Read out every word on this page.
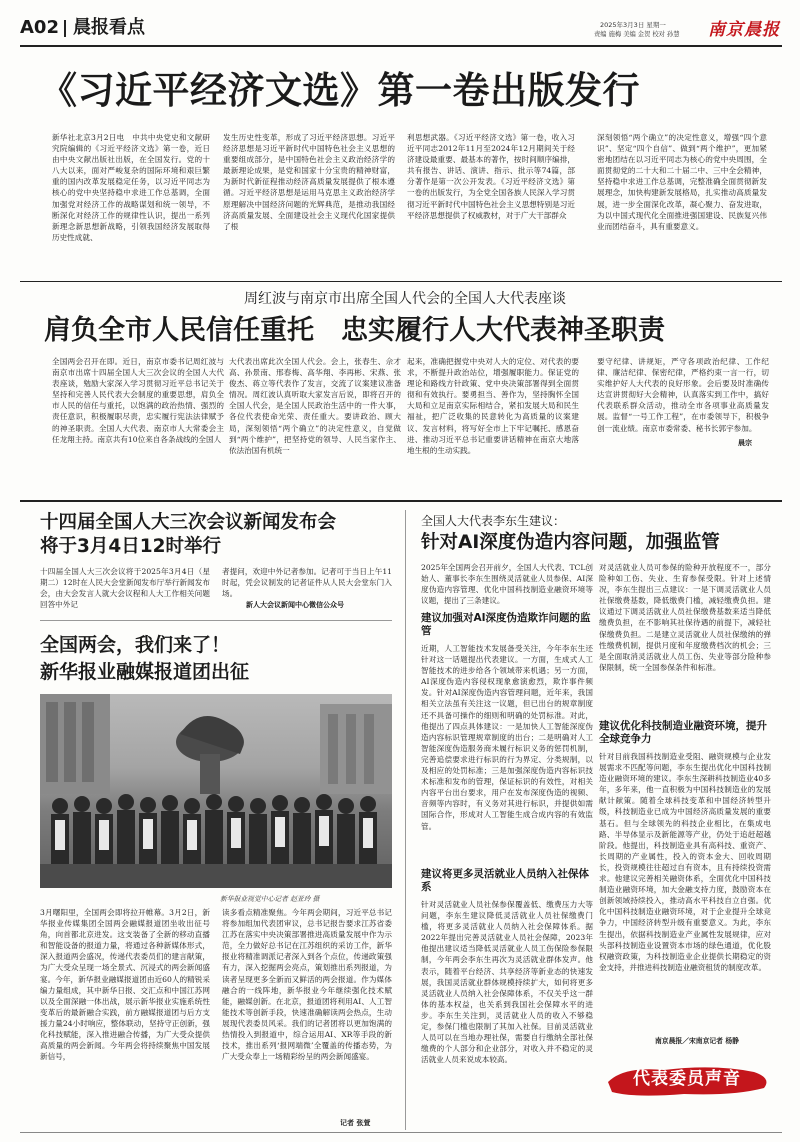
A02 晨报看点	2025年3月3日 星期一
责编 施梅 美编 金贺 校对 孙慧 南京晨报
《习近平经济文选》第一卷出版发行
新华社北京3月2日电　中共中央党史和文献研究院编辑的《习近平经济文选》第一卷，近日由中央文献出版社出版，在全国发行。党的十八大以来，面对严峻复杂的国际环境和艰巨繁重的国内改革发展稳定任务，以习近平同志为核心的党中央坚持稳中求进工作总基调，全面加强党对经济工作的战略谋划和统一领导，不断深化对经济工作的规律性认识，提出一系列新理念新思想新战略，引领我国经济发展取得历史性成就、
发生历史性变革，形成了习近平经济思想。习近平经济思想是习近平新时代中国特色社会主义思想的重要组成部分，是中国特色社会主义政治经济学的最新理论成果，是党和国家十分宝贵的精神财富，为新时代新征程推动经济高质量发展提供了根本遵循。习近平经济思想是运用马克思主义政治经济学原理解决中国经济问题的光辉典范，是推动我国经济高质量发展、全面建设社会主义现代化国家提供了根
利思想武器。《习近平经济文选》第一卷，收入习近平同志2012年11月至2024年12月期间关于经济建设最重要、最基本的著作，按时间顺序编排，共有报告、讲话、演讲、指示、批示等74篇，部分著作是第一次公开发表。《习近平经济文选》第一卷的出版发行，为全党全国各族人民深入学习贯彻习近平新时代中国特色社会主义思想特别是习近平经济思想提供了权威教材，对于广大干部群众
深刻领悟“两个确立”的决定性意义，增强“四个意识”、坚定“四个自信”、做到“两个维护”，更加紧密地团结在以习近平同志为核心的党中央周围，全面贯彻党的二十大和二十届二中、三中全会精神，坚持稳中求进工作总基调，完整准确全面贯彻新发展理念，加快构建新发展格局，扎实推动高质量发展，进一步全面深化改革，凝心聚力、奋发进取，为以中国式现代化全面推进强国建设、民族复兴伟业而团结奋斗，具有重要意义。
周红波与南京市出席全国人代会的全国人大代表座谈
肩负全市人民信任重托　忠实履行人大代表神圣职责
全国两会召开在即。近日，南京市委书记周红波与南京市出席十四届全国人大三次会议的全国人大代表座谈，勉励大家深入学习贯彻习近平总书记关于坚持和完善人民代表大会制度的重要思想，肩负全市人民的信任与重托，以饱满的政治热情、强烈的责任意识，积极履职尽责，忠实履行宪法法律赋予的神圣职责。全国人大代表、南京市人大常委会主任龙翔主持。南京共有10位来自各条战线的全国人
大代表出席此次全国人代会。会上，张春生、佘才高、孙景南、邢春梅、高华翔、李再彬、宋燕、张俊杰、蒋立等代表作了发言，交流了议案建议准备情况。周红波认真听取大家发言后说，即将召开的全国人代会，是全国人民政治生活中的一件大事，各位代表使命光荣、责任重大。要讲政治、顾大局，深刻领悟“两个确立”的决定性意义，自觉做到“两个维护”，把坚持党的领导、人民当家作主、依法治国有机统一
起来，准确把握党中央对人大的定位、对代表的要求，不断提升政治站位，增强履职能力。保证党的理论和路线方针政策、党中央决策部署得到全面贯彻和有效执行。要勇担当、善作为，坚持胸怀全国大局和立足南京实际相结合，紧扣发展大局和民生福祉，把广泛收集的民意转化为高质量的议案建议、发言材料，将写好全市上下牢记嘱托、感恩奋进、推动习近平总书记重要讲话精神在南京大地落地生根的生动实践。
要守纪律、讲规矩，严守各项政治纪律、工作纪律、廉洁纪律、保密纪律，严格约束一言一行，切实维护好人大代表的良好形象。会后要及时准确传达宣讲贯彻好大会精神，认真落实到工作中，搞好代表联系群众活动，推动全市各项事业高质量发展。监督“一号工作工程”，在市委领导下，积极争创一流业绩。南京市委常委、秘书长郭宇参加。
晨宗
十四届全国人大三次会议新闻发布会
将于3月4日12时举行
十四届全国人大三次会议将于2025年3月4日（星期二）12时在人民大会堂新闻发布厅举行新闻发布会，由大会发言人就大会议程和人大工作相关问题回答中外记
者提问，欢迎中外记者参加。记者可于当日上午11时起，凭会议制发的记者证件从人民大会堂东门入场。
新人大会议新闻中心微信公众号
全国两会，我们来了！
新华报业融媒报道团出征
新华报业视觉中心记者 赵亚玲 摄
3月曙阳里，全国两会即将拉开帷幕。3月2日，新华报业传媒集团全国两会融媒报道团坐收出征号角，向首都北京进发。这支装备了全新的移动直播和智能设备的报道力量，将通过各种新媒体形式，深入报道两会盛况，传递代表委员们的建言献策，为广大受众呈现一场全景式、沉浸式的两会新闻盛宴。今年，新华报业融媒报道团由近60人的精锐采编力量组成，其中新华日报、交汇点和中国江苏网以及全面深融一体出战，展示新华报业实施系统性变革后的最新融合实践，前方融媒报道团与后方支援力量24小时响应，整体联动，坚持守正创新，强化科技赋能，深入推进融合传播，为广大受众提供高质量的两会新闻。今年两会将持续聚焦中国发展新信号，
读多看点精准聚焦。今年两会期间，习近平总书记将参加组加代表团审议，总书记报告要求江苏省委江苏在落实中央决策部署推进高质量发展中作为示范，全力做好总书记在江苏组织的采访工作，新华报业将精准调派记者深入到各个点位，传递政策强有力，深入挖掘两会亮点，策划推出系列报道，为读者呈现更多全新而又鲜活的两会报道。作为媒体融合的一线阵地，新华报业今年继续强化技术赋能，融媒创新。在北京，报道团将利用AI、人工智能技术等创新手段，快速准确解读两会热点，生动展现代表委员风采。我们的记者团将以更加饱满的热情投入到报道中，综合运用AI、XR等手段的新技术，推出系列‘报网端微’全覆盖的传播态势，为广大受众奉上一场精彩纷呈的两会新闻盛宴。
记者 张萱
全国人大代表李东生建议：
针对AI深度伪造内容问题，加强监管
2025年全国两会召开前夕，全国人大代表、TCL创始人、董事长李东生围绕灵活就业人员参保、AI深度伪造内容管理、优化中国科技制造业融资环境等议题，提出了三条建议。
建议加强对AI深度伪造欺诈问题的监管
近期，人工智能技术发展备受关注，今年李东生还针对这一话题提出代表建议。一方面，生成式人工智能技术的进步给各个领域带来机遇；另一方面，AI深度伪造内容侵权现象愈演愈烈，欺诈事件频发。针对AI深度伪造内容管理问题，近年来，我国相关立法虽有关注这一议题，但已出台的规章制度还不具备可操作的细则和明确的处罚标准。对此，他提出了四点具体建议：一是加快人工智能深度伪造内容标识管理规章制度的出台；二是明确对人工智能深度伪造服务商未履行标识义务的惩罚机制，完善追偿要求进行标识的行为界定、分类规制，以及相应的处罚标准；三是加强深度伪造内容标识技术标准和发布的管理，保证标识的有效性，对相关内容平台出台要求，用户在发布深度伪造的视频、音频等内容时，有义务对其进行标识，并提供如需国际合作，形成对人工智能生成合成内容的有效监管。
建议将更多灵活就业人员纳入社保体系
针对灵活就业人员社保参保覆盖低、缴费压力大等问题，李东生建议降低灵活就业人员社保缴费门槛，将更多灵活就业人员纳入社会保障体系。据2022年提出完善灵活就业人员社会保障，2023年他提出建议适当降低灵活就业人员工伤保险参保限制，今年两会李东生再次为灵活就业群体发声。他表示，随着平台经济、共享经济等新业态的快速发展，我国灵活就业群体规模持续扩大，如何将更多灵活就业人员纳入社会保障体系，不仅关乎这一群体的基本权益，也关系到我国社会保障水平的进步。李东生关注到，灵活就业人员的收入不够稳定，参保门槛也限制了其加入社保。目前灵活就业人员可以在当地办理社保，需要自行缴纳全部社保缴费的个人部分和企业部分，对收入并不稳定的灵活就业人员来说成本较高。
对灵活就业人员可参保的险种开放程度不一，部分险种如工伤、失业、生育参保受限。针对上述情况，李东生提出三点建议：一是下调灵活就业人员社保缴费基数，降低缴费门槛，减轻缴费负担。建议通过下调灵活就业人员社保缴费基数来适当降低缴费负担，在不影响其社保待遇的前提下，减轻社保缴费负担。二是建立灵活就业人员社保缴纳的弹性缴费机制，提供月度和年度缴费档次的机会；三是全面取消灵活就业人员工伤、失业等部分险种参保限制，统一全国参保条件和标准。
建议优化科技制造业融资环境，提升全球竞争力
针对目前我国科技制造业受阻、融资规模与企业发展需求不匹配等问题，李东生提出优化中国科技制造业融资环境的建议。李东生深耕科技制造业40多年，多年来，他一直积极为中国科技制造业的发展献计献策。随着全球科技变革和中国经济转型升级，科技制造业已成为中国经济高质量发展的重要基石。但与全球领先的科技企业相比，在集成电路、半导体显示及新能源等产业，仍处于追赶超越阶段。他提出，科技制造业具有高科技、重资产、长周期的产业属性，投入的资本金大、回收周期长，投资规模往往超过自有资本，且有持续投资需求。他建议完善相关融资体系，全面优化中国科技制造业融资环境，加大金融支持力度，鼓励资本在创新领域持续投入，推动高水平科技自立自强。优化中国科技制造业融资环境，对于企业提升全球竞争力，中国经济转型升级有重要意义。为此，李东生提出，依据科技制造业产业属性发展规律，应对头部科技制造业设置资本市场的绿色通道，优化股权融资政策，为科技制造业企业提供长期稳定的资金支持，并推进科技制造业融资租赁的制度改革。
南京晨报／宋南京记者 杨静
代表委员声音
